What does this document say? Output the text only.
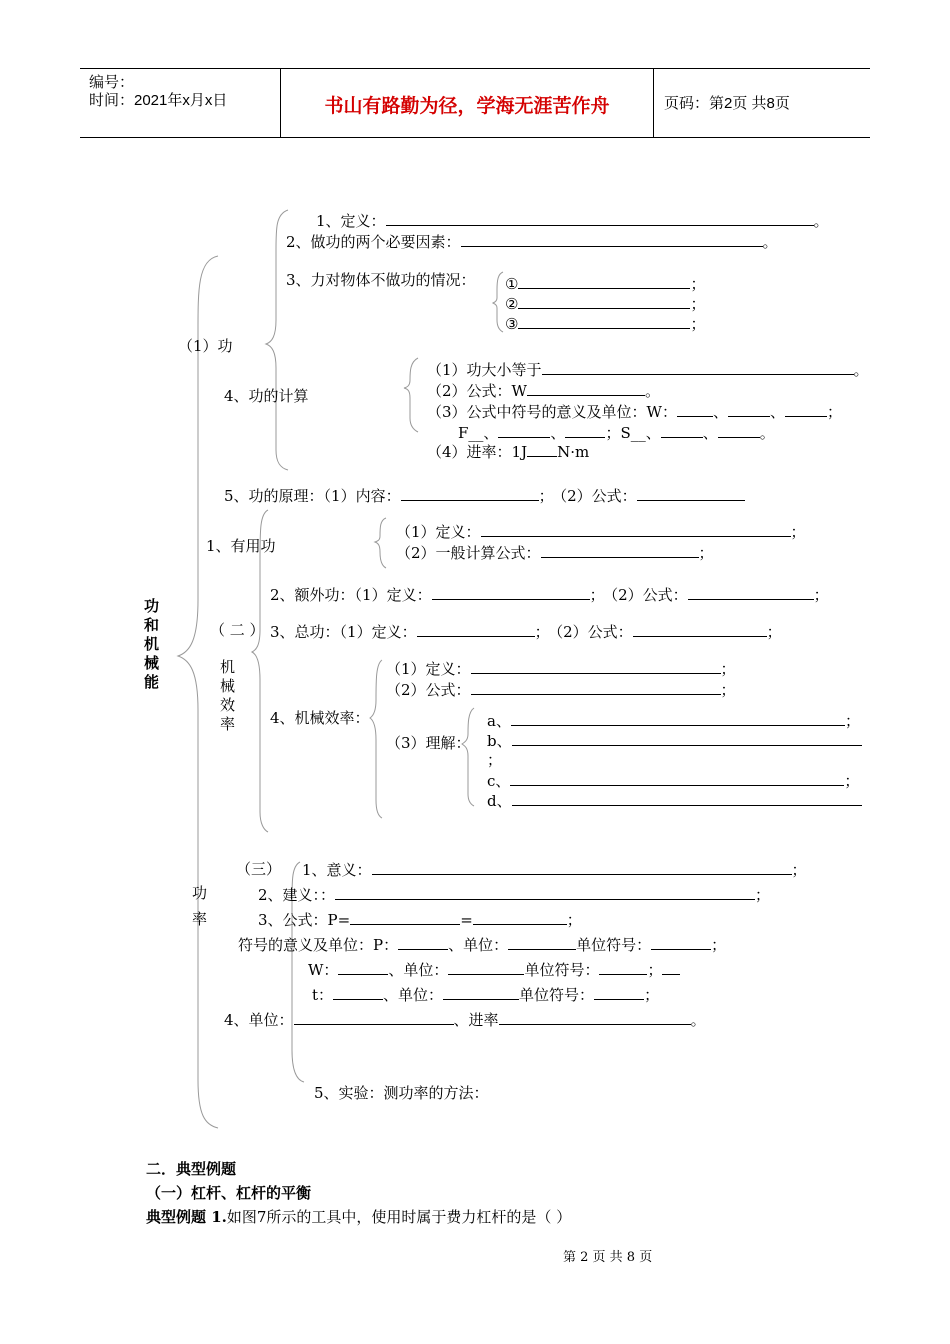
编号：
时间：2021年x月x日	书山有路勤为径，学海无涯苦作舟	页码：第2页 共8页
功和机械能
（1）功
1、定义：	。
2、做功的两个必要因素：	。
3、力对物体不做功的情况： ①	；
②	；
③	；
4、功的计算
（1）功大小等于	。
（2）公式：W	。
（3）公式中符号的意义及单位：W： 、	、	；
F__、	、	；S__、	、	。
（4）进率：1J N·m
5、功的原理：（1）内容：	； （2）公式：
1、有用功
（1）定义：	；
（2）一般计算公式：	；
2、额外功：（1）定义：	； （2）公式：	；
3、总功：（1）定义：	； （2）公式：	；
（ 二 ）
机
械
效
率 4、机械效率：
（1）定义：	；
（2）公式：	；
（3）理解：
a、	；
b、
；
c、	；
d、
（三）
功
率
1、意义：	；
2、建义：：	；
3、公式：P=	=	；
符号的意义及单位：P：	、单位：	单位符号：	；
W：	、单位：	单位符号：	；
t：	、单位：	单位符号：	；
4、单位：	、进率	。
5、实验：测功率的方法：
二．典型例题
（一）杠杆、杠杆的平衡
典型例题 1.如图7所示的工具中，使用时属于费力杠杆的是（ ）
第 2 页 共 8 页
